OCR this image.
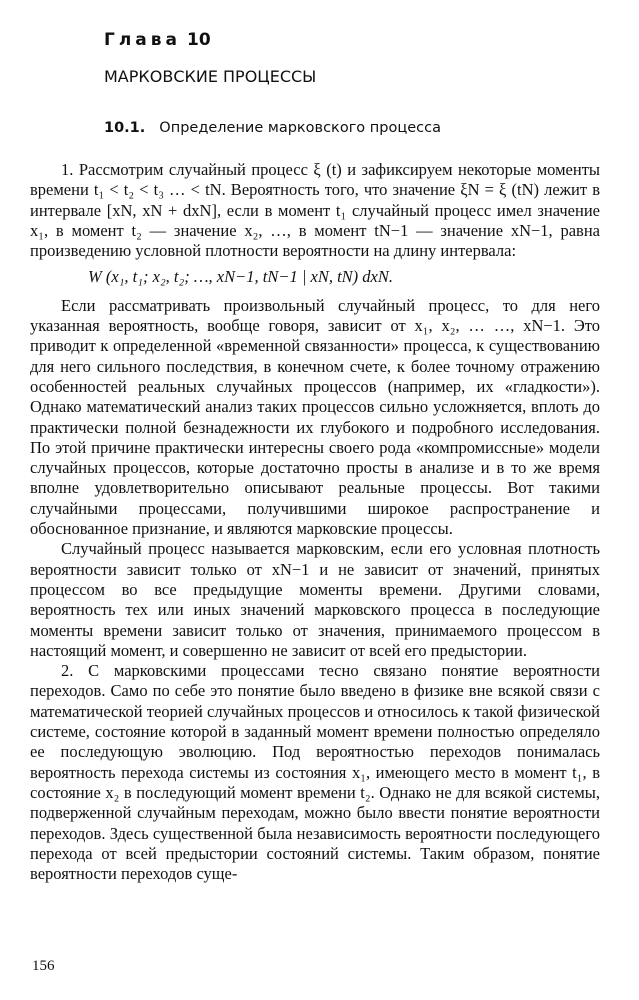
Глава 10
МАРКОВСКИЕ ПРОЦЕССЫ
10.1. Определение марковского процесса

1. Рассмотрим случайный процесс ξ (t) и зафиксируем некоторые моменты времени t₁ < t₂ < t₃ … < tN. Вероятность того, что значение ξN = ξ (tN) лежит в интервале [xN, xN + dxN], если в момент t₁ случайный процесс имел значение x₁, в момент t₂ — значение x₂, …, в момент tN−1 — значение xN−1, равна произведению условной плотности вероятности на длину интервала:

W (x₁, t₁; x₂, t₂; …, xN−1, tN−1 | xN, tN) dxN.

Если рассматривать произвольный случайный процесс, то для него указанная вероятность, вообще говоря, зависит от x₁, x₂, … …, xN−1. Это приводит к определенной «временной связанности» процесса, к существованию для него сильного последствия, в конечном счете, к более точному отражению особенностей реальных случайных процессов (например, их «гладкости»). Однако математический анализ таких процессов сильно усложняется, вплоть до практически полной безнадежности их глубокого и подробного исследования. По этой причине практически интересны своего рода «компромиссные» модели случайных процессов, которые достаточно просты в анализе и в то же время вполне удовлетворительно описывают реальные процессы. Вот такими случайными процессами, получившими широкое распространение и обоснованное признание, и являются марковские процессы.

Случайный процесс называется марковским, если его условная плотность вероятности зависит только от xN−1 и не зависит от значений, принятых процессом во все предыдущие моменты времени. Другими словами, вероятность тех или иных значений марковского процесса в последующие моменты времени зависит только от значения, принимаемого процессом в настоящий момент, и совершенно не зависит от всей его предыстории.

2. С марковскими процессами тесно связано понятие вероятности переходов. Само по себе это понятие было введено в физике вне всякой связи с математической теорией случайных процессов и относилось к такой физической системе, состояние которой в заданный момент времени полностью определяло ее последующую эволюцию. Под вероятностью переходов понималась вероятность перехода системы из состояния x₁, имеющего место в момент t₁, в состояние x₂ в последующий момент времени t₂. Однако не для всякой системы, подверженной случайным переходам, можно было ввести понятие вероятности переходов. Здесь существенной была независимость вероятности последующего перехода от всей предыстории состояний системы. Таким образом, понятие вероятности переходов суще-

156
